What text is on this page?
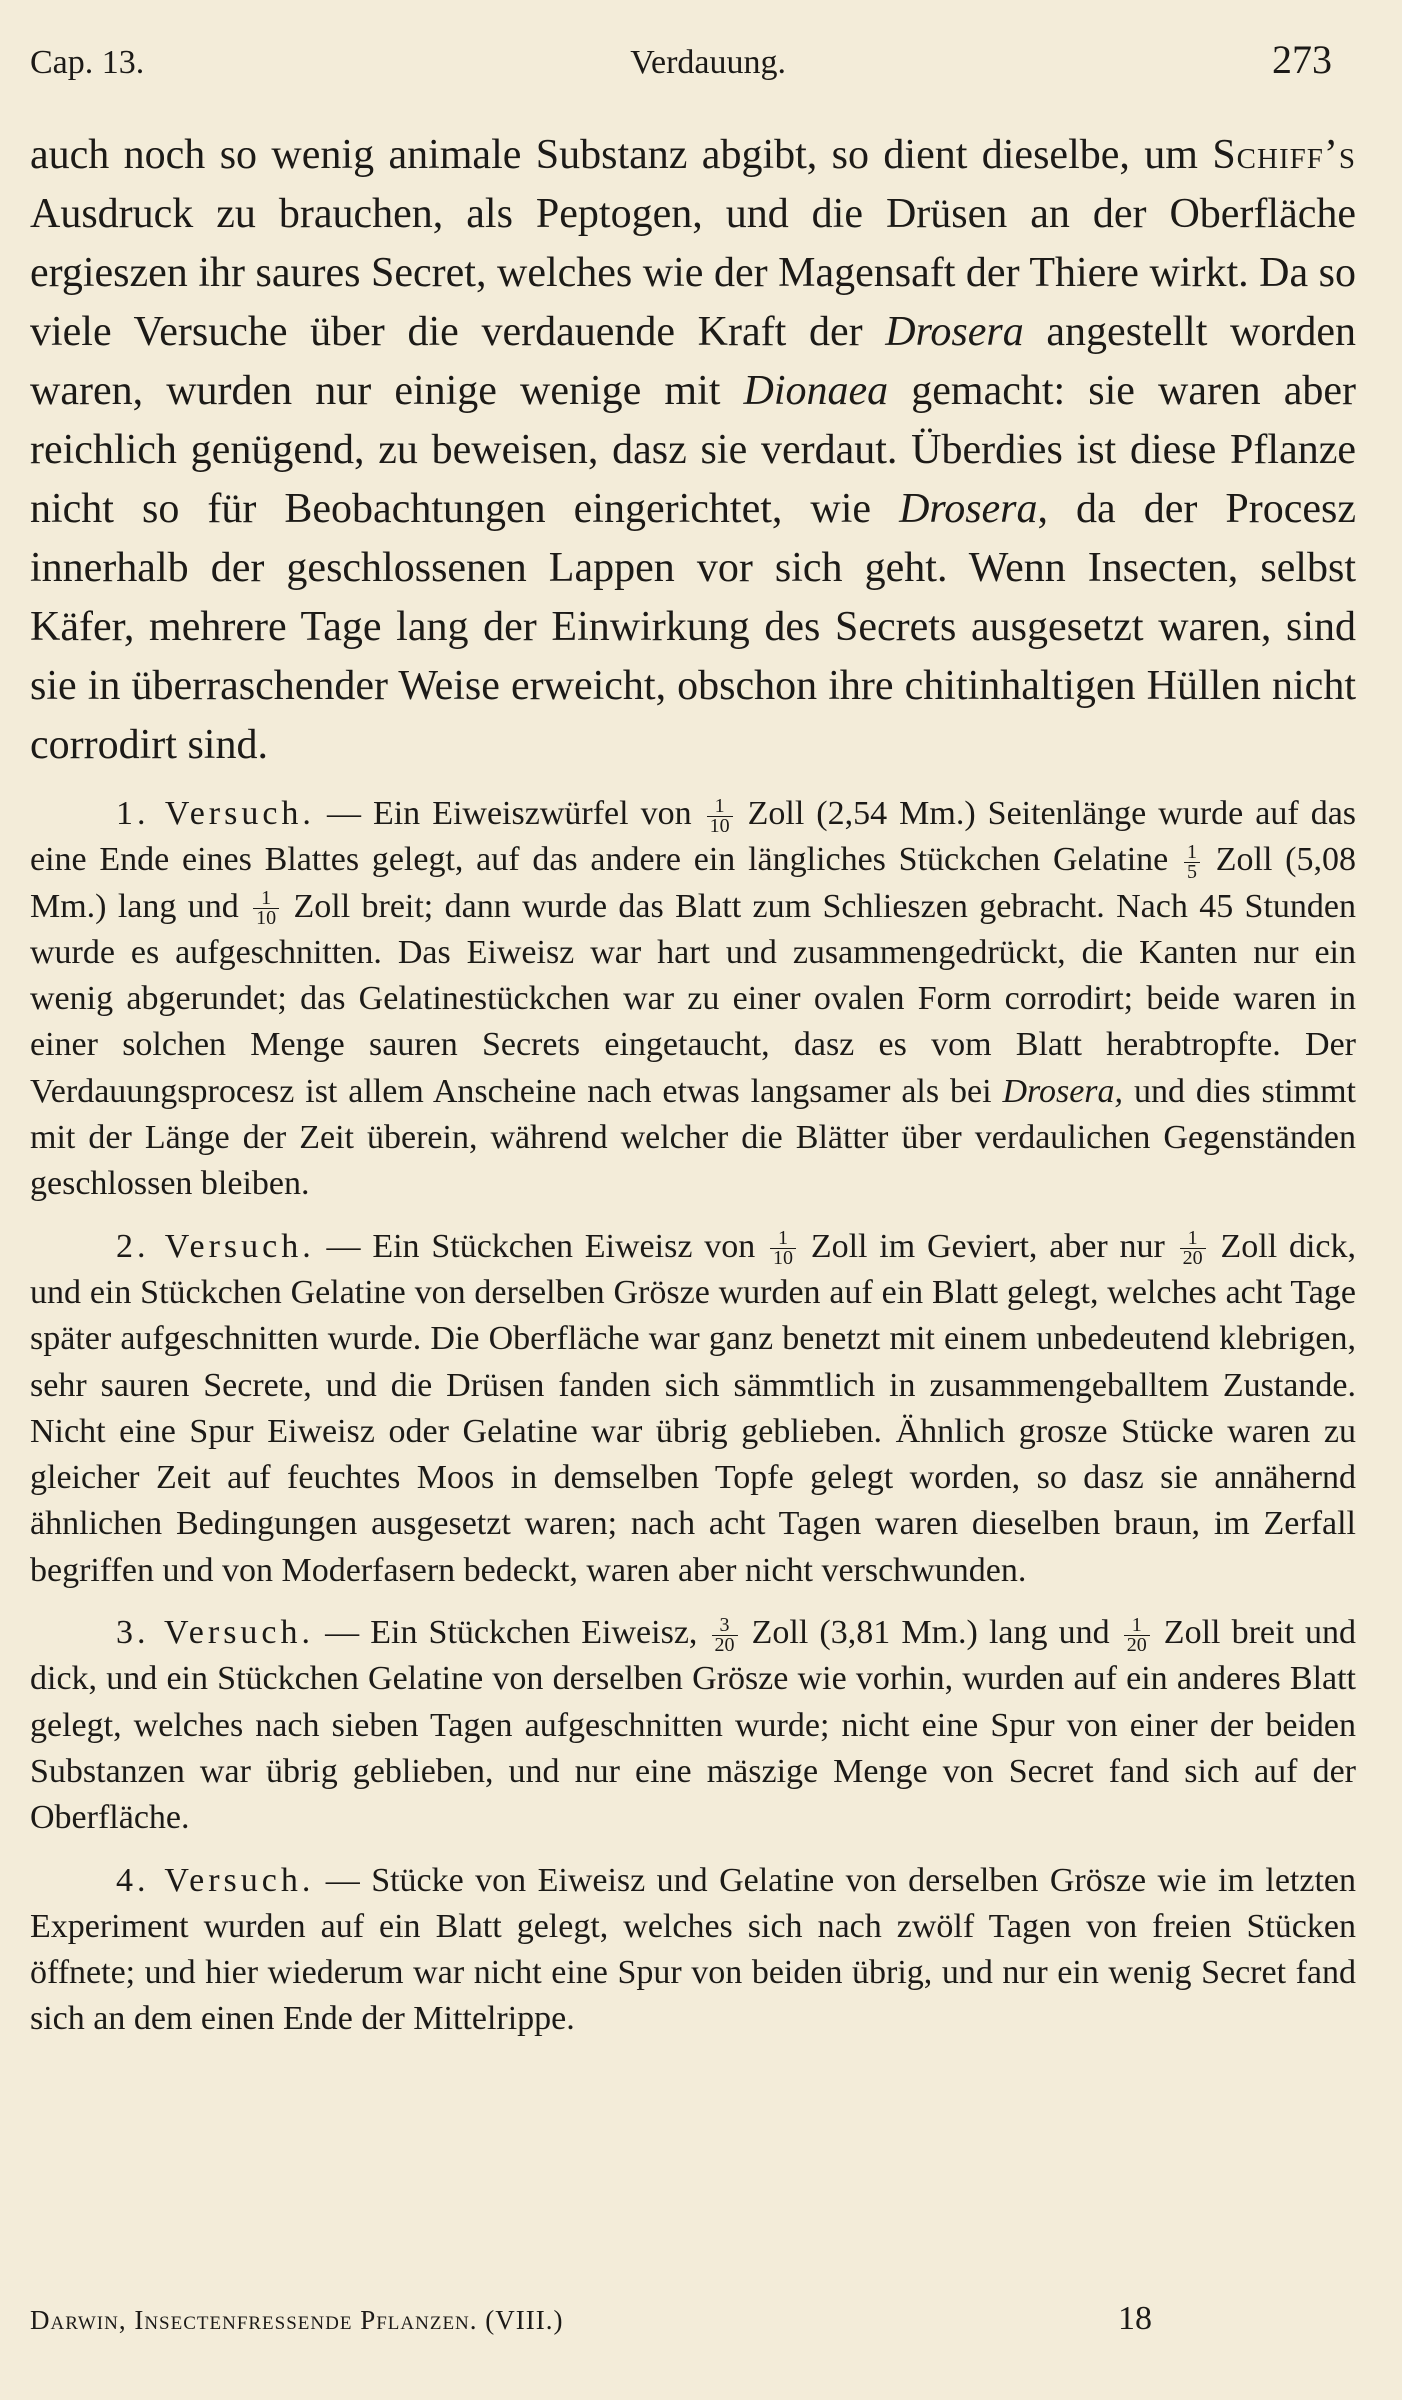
Cap. 13.	Verdauung.	273

auch noch so wenig animale Substanz abgibt, so dient dieselbe, um Schiff’s Ausdruck zu brauchen, als Peptogen, und die Drüsen an der Oberfläche ergieszen ihr saures Secret, welches wie der Magensaft der Thiere wirkt. Da so viele Versuche über die verdauende Kraft der Drosera angestellt worden waren, wurden nur einige wenige mit Dionaea gemacht: sie waren aber reichlich genügend, zu beweisen, dasz sie verdaut. Überdies ist diese Pflanze nicht so für Beobachtungen eingerichtet, wie Drosera, da der Procesz innerhalb der geschlossenen Lappen vor sich geht. Wenn Insecten, selbst Käfer, mehrere Tage lang der Einwirkung des Secrets ausgesetzt waren, sind sie in überraschender Weise erweicht, obschon ihre chitinhaltigen Hüllen nicht corrodirt sind.

1. Versuch. — Ein Eiweiszwürfel von $\frac{1}{10}$ Zoll (2,54 Mm.) Seitenlänge wurde auf das eine Ende eines Blattes gelegt, auf das andere ein längliches Stückchen Gelatine $\frac{1}{5}$ Zoll (5,08 Mm.) lang und $\frac{1}{10}$ Zoll breit; dann wurde das Blatt zum Schlieszen gebracht. Nach 45 Stunden wurde es aufgeschnitten. Das Eiweisz war hart und zusammengedrückt, die Kanten nur ein wenig abgerundet; das Gelatinestückchen war zu einer ovalen Form corrodirt; beide waren in einer solchen Menge sauren Secrets eingetaucht, dasz es vom Blatt herabtropfte. Der Verdauungsprocesz ist allem Anscheine nach etwas langsamer als bei Drosera, und dies stimmt mit der Länge der Zeit überein, während welcher die Blätter über verdaulichen Gegenständen geschlossen bleiben.

2. Versuch. — Ein Stückchen Eiweisz von $\frac{1}{10}$ Zoll im Geviert, aber nur $\frac{1}{20}$ Zoll dick, und ein Stückchen Gelatine von derselben Grösze wurden auf ein Blatt gelegt, welches acht Tage später aufgeschnitten wurde. Die Oberfläche war ganz benetzt mit einem unbedeutend klebrigen, sehr sauren Secrete, und die Drüsen fanden sich sämmtlich in zusammengeballtem Zustande. Nicht eine Spur Eiweisz oder Gelatine war übrig geblieben. Ähnlich grosze Stücke waren zu gleicher Zeit auf feuchtes Moos in demselben Topfe gelegt worden, so dasz sie annähernd ähnlichen Bedingungen ausgesetzt waren; nach acht Tagen waren dieselben braun, im Zerfall begriffen und von Moderfasern bedeckt, waren aber nicht verschwunden.

3. Versuch. — Ein Stückchen Eiweisz, $\frac{3}{20}$ Zoll (3,81 Mm.) lang und $\frac{1}{20}$ Zoll breit und dick, und ein Stückchen Gelatine von derselben Grösze wie vorhin, wurden auf ein anderes Blatt gelegt, welches nach sieben Tagen aufgeschnitten wurde; nicht eine Spur von einer der beiden Substanzen war übrig geblieben, und nur eine mäszige Menge von Secret fand sich auf der Oberfläche.

4. Versuch. — Stücke von Eiweisz und Gelatine von derselben Grösze wie im letzten Experiment wurden auf ein Blatt gelegt, welches sich nach zwölf Tagen von freien Stücken öffnete; und hier wiederum war nicht eine Spur von beiden übrig, und nur ein wenig Secret fand sich an dem einen Ende der Mittelrippe.

Darwin, Insectenfressende Pflanzen. (VIII.)	18
